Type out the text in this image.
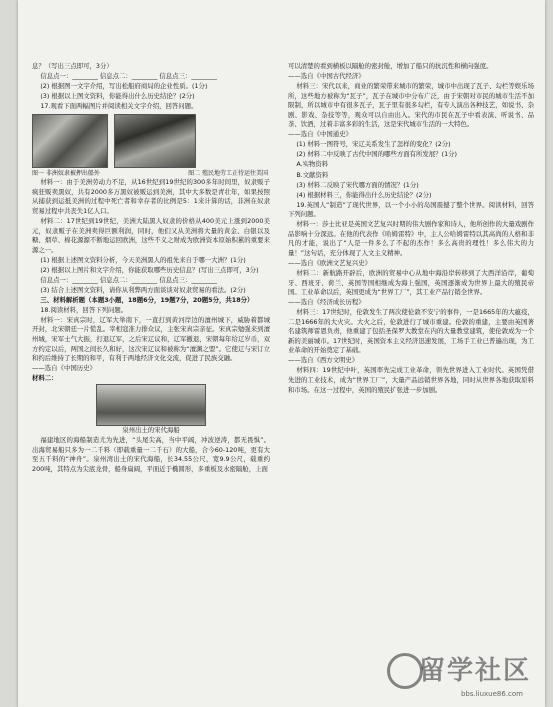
息？（写出三点即可，3分）

信息点一：________ 信息点二：________ 信息点三：________

(2) 根据图一文字介绍，写出松船府商局的企业性质。(1分)

(3) 根据以上图文资料，你能得出什么历史结论？(2分)

17.观看下面两幅图片并阅读相关文字介绍，回答问题。

图一 非洲奴隶被押出船外	图二 殖民地劳工正待运往美国

材料一：由于美洲劳动力不足，从16世纪到19世纪的300多年时间里，奴隶贩子疯狂贩卖黑奴，共有2000多万黑奴被贩运到美洲，其中大多数是青壮年，如果按照从捕获到运抵美洲的过程中死亡者和幸存者的比例是5：1来计算的话，非洲在奴隶贸易过程中共丧失1亿人口。

材料二：17世纪到19世纪，美洲大陆黑人奴隶的价格从400美元上涨到2000美元，奴隶贩子在美洲卖得巨额利润，同时，他们又从美洲将大量的黄金、白银以及糖、烟草、棉花源源不断地运回欧洲，这些不义之财成为欧洲资本原始积累的重要来源之一。

(1) 根据上述图文资料分析，今天美洲黑人的祖先来自于哪一大洲？(1分)

(2) 根据以上图片和文字介绍，你能获取哪些历史信息？(写出三点即可，3分)

信息点一：________ 信息点二：________ 信息点三：________

(3) 结合上述图文资料，请你从利弊两方面谈谈对奴隶贸易的看法。(2分)

三、材料解析题（本题3小题，18题6分，19题7分，20题5分，共18分）

18.阅读材料，回答下列问题。

材料一：宋真宗时，辽军大举南下，一直打到黄河岸边的澶州城下，威胁着都城开封，北宋朝廷一片慌乱。宰相寇准力排众议，主张宋真宗亲征。宋真宗勉强来到澶州城，宋军士气大振，打退辽军，之后宋辽议和，辽军撤退，宋朝每年给辽岁币，双方约定以后，两国之间长久和好，这次宋辽议和被称为“澶渊之盟”。它使辽与宋订立和约后维持了长期的和平，有利于两地经济文化交流，促进了民族交融。

——选自《中国历史》

材料二：

泉州出土的宋代海船

福建地区的海船制造尤为先进，“头尾尖高，当中平阔，冲波逆涛，都无畏惧”。出海贸易船只多为一二千料（即载重量一二千石）的大船，合今60-120吨，更有大至五千料的“神舟”。泉州湾出土的宋代海船，长34.55公尺，宽9.9公尺，载重约200吨，其特点为尖底龙骨，船身扁阔，平面近于椭圆形，多重板及水密隔舱，上面

可以清楚的看到横板以隔舱的密封舱，增加了船只的抗沉性和横向强度。

——选自《中国古代经济》

材料三：宋代以来，商业的繁荣带来城市的繁荣，城市中出现了瓦子、勾栏等娱乐场所，这些地方被称为“瓦子”，瓦子在城市中分布广泛，由于宋朝对市民的城市生活不加限制，所以城市中有很多瓦子，瓦子里有很多勾栏，有专人演出各种技艺，如说书、杂剧、影戏、杂技等等，观众可以自由出入。宋代的市民在瓦子中看表演、听说书、品茶、饮酒，过着丰富多彩的生活，这是宋代城市生活的一大特色。

——选自《中国通史》

(1) 材料一图符号，宋辽关系发生了怎样的变化？(2分)

(2) 材料二中反映了古代中国的哪些方面有所发展？(1分)

A.实物资料

B.文献资料

(3) 材料二反映了宋代哪方面的情况？(1分)

(4) 根据材料三，你能得出什么历史结论？(2分)

19.英国人“制造”了现代世界，以一个小小的岛国震撼了整个世界。阅读材料，回答下列问题。

材料一：莎士比亚是英国文艺复兴时期的伟大剧作家和诗人，他所创作的大量戏剧作品影响十分深远。在他的代表作《哈姆雷特》中，主人公哈姆雷特以其高尚的人格和非凡的才能，说出了“人是一件多么了不起的杰作！多么高贵的理性！多么伟大的力量！”这句话，充分体现了人文主义精神。

——选自《欧洲文艺复兴史》

材料二：新航路开辟后，欧洲的贸易中心从地中海沿岸转移到了大西洋沿岸，葡萄牙、西班牙、荷兰、英国等国相继成为海上强国，英国逐渐成为世界上最大的殖民帝国。工业革命以后，英国更成为“世界工厂”，其工业产品行销全世界。

——选自《经济成长历程》

材料三：17世纪时，伦敦发生了两次使伦敦不安宁的事件，一是1665年的大瘟疫，二是1666年的大火灾。大火之后，伦敦进行了城市重建。伦敦的重建，主要由英国著名建筑师雷恩负责，他重建了包括圣保罗大教堂在内的大量教堂建筑，使伦敦成为一个新的美丽城市。17世纪时，英国资本主义经济迅速发展，工场手工业已普遍出现，为工业革命的开始奠定了基础。

——选自《西方文明史》

材料四：19世纪中叶，英国率先完成工业革命，领先世界进入工业时代。英国凭借先进的工业技术，成为“世界工厂”，大量产品远销世界各地，同时从世界各地获取原料和市场。在这一过程中，英国的殖民扩张进一步加剧。

留学社区
bbs.liuxue86.com
